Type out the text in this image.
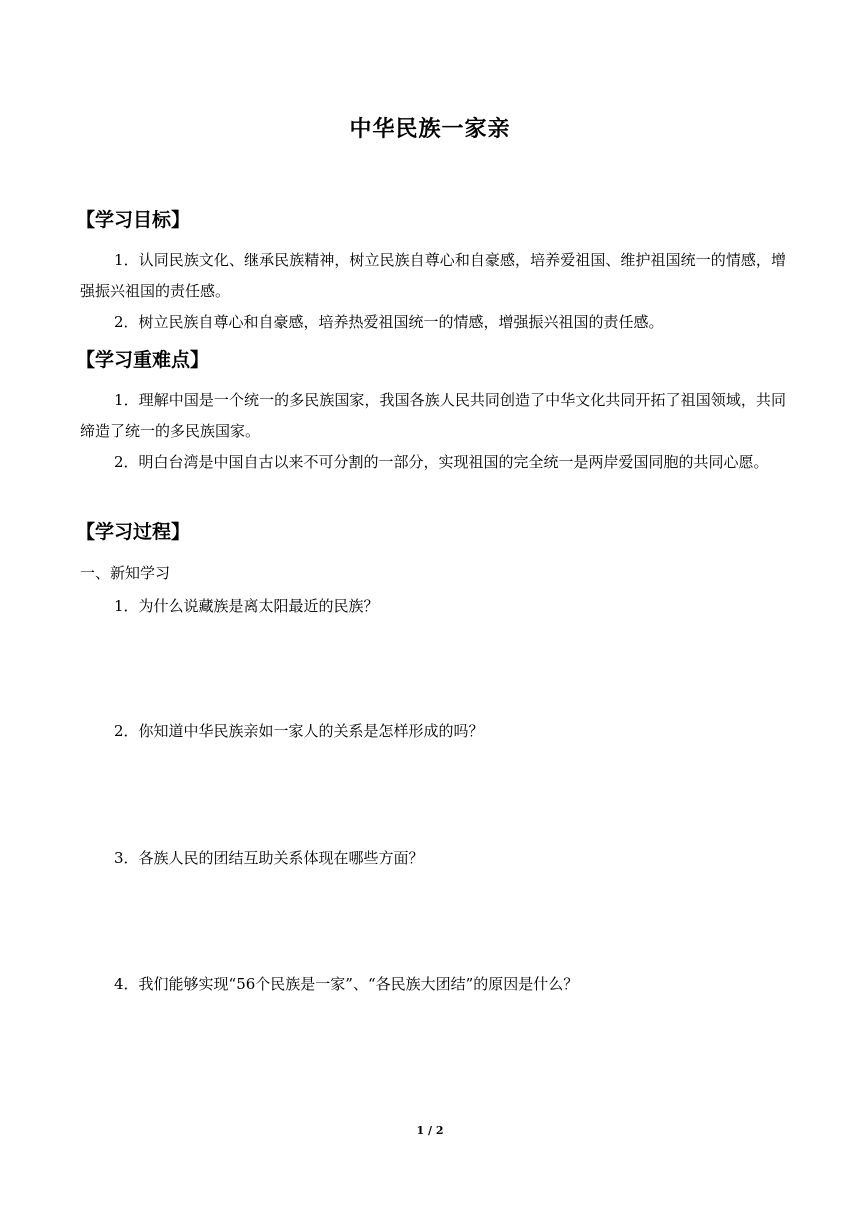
中华民族一家亲
【学习目标】
1．认同民族文化、继承民族精神，树立民族自尊心和自豪感，培养爱祖国、维护祖国统一的情感，增强振兴祖国的责任感。
2．树立民族自尊心和自豪感，培养热爱祖国统一的情感，增强振兴祖国的责任感。
【学习重难点】
1．理解中国是一个统一的多民族国家，我国各族人民共同创造了中华文化共同开拓了祖国领域，共同缔造了统一的多民族国家。
2．明白台湾是中国自古以来不可分割的一部分，实现祖国的完全统一是两岸爱国同胞的共同心愿。
【学习过程】
一、新知学习
1．为什么说藏族是离太阳最近的民族？
2．你知道中华民族亲如一家人的关系是怎样形成的吗？
3．各族人民的团结互助关系体现在哪些方面？
4．我们能够实现“56个民族是一家”、“各民族大团结”的原因是什么？
1 / 2
